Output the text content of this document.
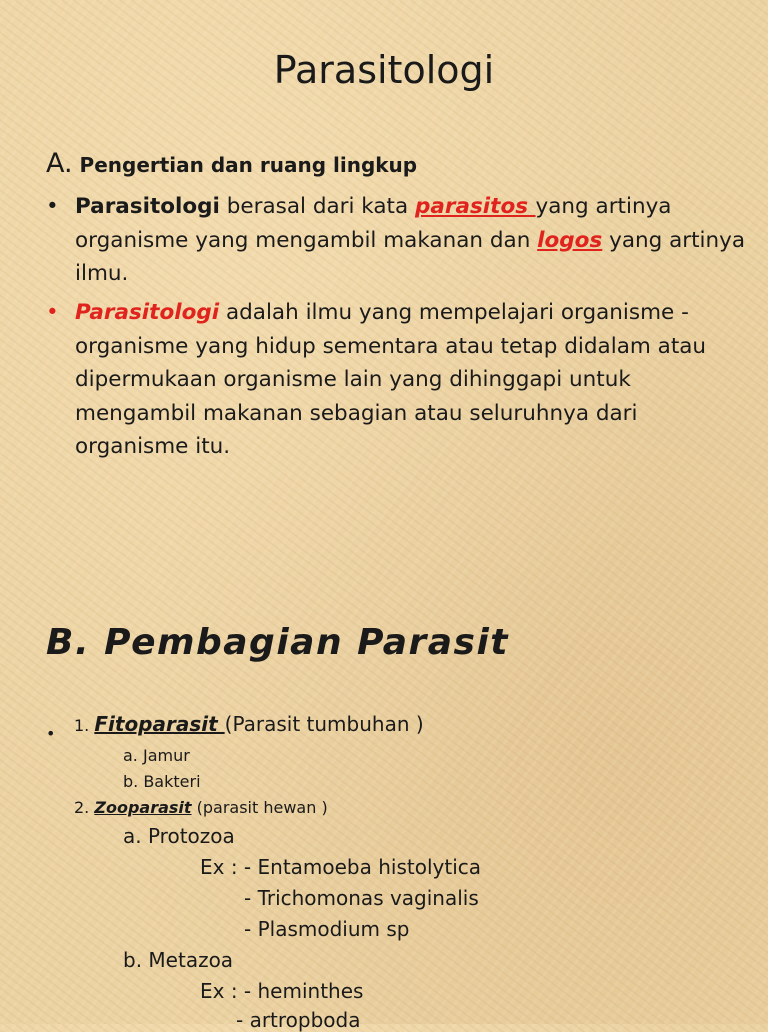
Parasitologi
A. Pengertian dan ruang lingkup
• Parasitologi berasal dari kata parasitos yang artinya organisme yang mengambil makanan dan logos yang artinya ilmu.
• Parasitologi adalah ilmu yang mempelajari organisme - organisme yang hidup sementara atau tetap didalam atau dipermukaan organisme lain yang dihinggapi untuk mengambil makanan sebagian atau seluruhnya dari organisme itu.
B. Pembagian Parasit
• 1. Fitoparasit (Parasit tumbuhan )
a. Jamur
b. Bakteri
2. Zooparasit (parasit hewan )
a. Protozoa
Ex : - Entamoeba histolytica
- Trichomonas vaginalis
- Plasmodium sp
b. Metazoa
Ex : - heminthes
- artropboda
